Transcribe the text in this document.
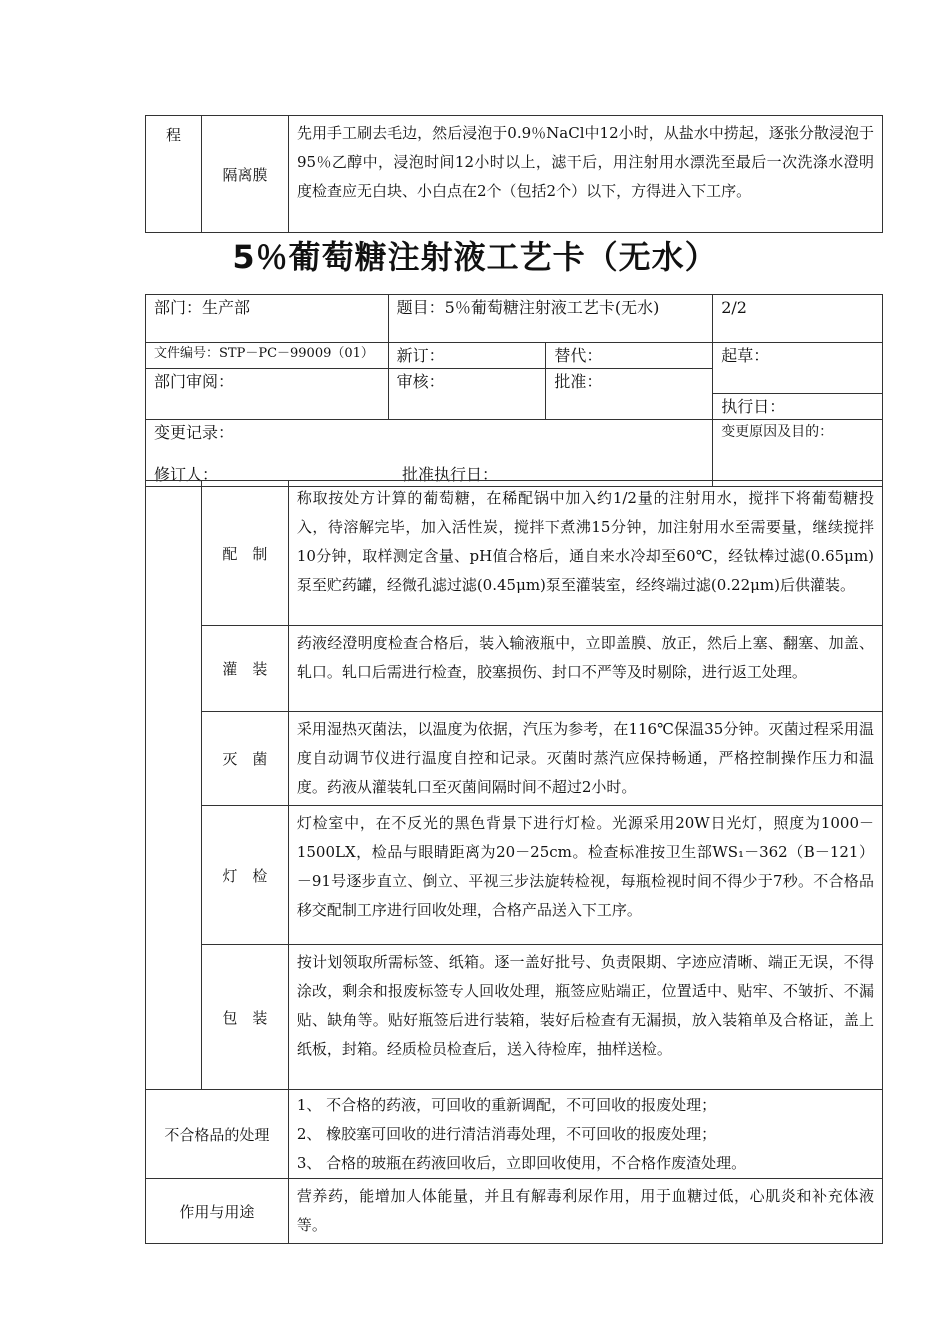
程	隔离膜	先用手工刷去毛边，然后浸泡于0.9％NaCl中12小时，从盐水中捞起，逐张分散浸泡于95％乙醇中，浸泡时间12小时以上，滤干后，用注射用水漂洗至最后一次洗涤水澄明度检查应无白块、小白点在2个（包括2个）以下，方得进入下工序。
5％葡萄糖注射液工艺卡（无水）
部门：生产部	题目：5％葡萄糖注射液工艺卡(无水)		2/2
文件编号：STP－PC－99009（01）	新订：	替代：	起草：
部门审阅：	审核：	批准：	
			执行日：

变更记录：
修订人： 批准执行日：			变更原因及目的：
	配　制	称取按处方计算的葡萄糖，在稀配锅中加入约1/2量的注射用水，搅拌下将葡萄糖投入，待溶解完毕，加入活性炭，搅拌下煮沸15分钟，加注射用水至需要量，继续搅拌10分钟，取样测定含量、pH值合格后，通自来水冷却至60℃，经钛棒过滤(0.65μm)泵至贮药罐，经微孔滤过滤(0.45μm)泵至灌装室，经终端过滤(0.22μm)后供灌装。
	灌　装	药液经澄明度检查合格后，装入输液瓶中，立即盖膜、放正，然后上塞、翻塞、加盖、轧口。轧口后需进行检查，胶塞损伤、封口不严等及时剔除，进行返工处理。
	灭　菌	采用湿热灭菌法，以温度为依据，汽压为参考，在116℃保温35分钟。灭菌过程采用温度自动调节仪进行温度自控和记录。灭菌时蒸汽应保持畅通，严格控制操作压力和温度。药液从灌装轧口至灭菌间隔时间不超过2小时。
	灯　检	灯检室中，在不反光的黑色背景下进行灯检。光源采用20W日光灯，照度为1000－1500LX，检品与眼睛距离为20－25cm。检查标准按卫生部WS₁－362（B－121）－91号逐步直立、倒立、平视三步法旋转检视，每瓶检视时间不得少于7秒。不合格品移交配制工序进行回收处理，合格产品送入下工序。
	包　装	按计划领取所需标签、纸箱。逐一盖好批号、负责限期、字迹应清晰、端正无误，不得涂改，剩余和报废标签专人回收处理，瓶签应贴端正，位置适中、贴牢、不皱折、不漏贴、缺角等。贴好瓶签后进行装箱，装好后检查有无漏损，放入装箱单及合格证，盖上纸板，封箱。经质检员检查后，送入待检库，抽样送检。
不合格品的处理		1、 不合格的药液，可回收的重新调配，不可回收的报废处理；
2、 橡胶塞可回收的进行清洁消毒处理，不可回收的报废处理；
3、 合格的玻瓶在药液回收后，立即回收使用，不合格作废渣处理。

作用与用途		营养药，能增加人体能量，并且有解毒利尿作用，用于血糖过低，心肌炎和补充体液等。
